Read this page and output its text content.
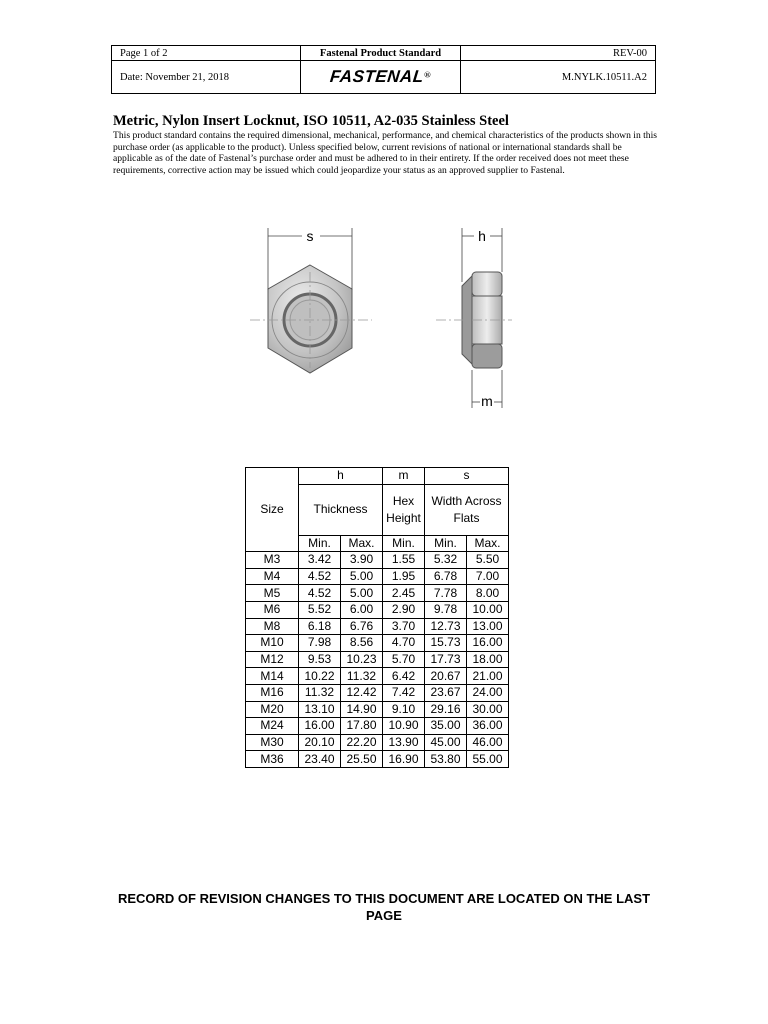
Page 1 of 2	Fastenal Product Standard	REV-00
Date: November 21, 2018	FASTENAL®	M.NYLK.10511.A2
Metric, Nylon Insert Locknut, ISO 10511, A2-035 Stainless Steel
This product standard contains the required dimensional, mechanical, performance, and chemical characteristics of the products shown in this purchase order (as applicable to the product). Unless specified below, current revisions of national or international standards shall be applicable as of the date of Fastenal’s purchase order and must be adhered to in their entirety. If the order received does not meet these requirements, corrective action may be issued which could jeopardize your status as an approved supplier to Fastenal.
s	h
m
Size	h		m	s	
	Thickness		Hex Height	Width Across Flats	
	Min.	Max.	Min.	Min.	Max.
M3	3.42	3.90	1.55	5.32	5.50
M4	4.52	5.00	1.95	6.78	7.00
M5	4.52	5.00	2.45	7.78	8.00
M6	5.52	6.00	2.90	9.78	10.00
M8	6.18	6.76	3.70	12.73	13.00
M10	7.98	8.56	4.70	15.73	16.00
M12	9.53	10.23	5.70	17.73	18.00
M14	10.22	11.32	6.42	20.67	21.00
M16	11.32	12.42	7.42	23.67	24.00
M20	13.10	14.90	9.10	29.16	30.00
M24	16.00	17.80	10.90	35.00	36.00
M30	20.10	22.20	13.90	45.00	46.00
M36	23.40	25.50	16.90	53.80	55.00
RECORD OF REVISION CHANGES TO THIS DOCUMENT ARE LOCATED ON THE LAST PAGE
